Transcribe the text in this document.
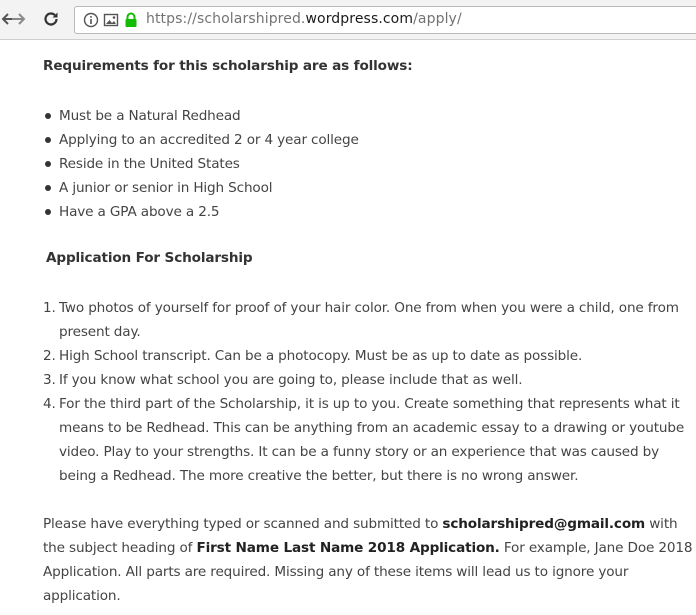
https://scholarshipred.wordpress.com/apply/

Requirements for this scholarship are as follows:

Must be a Natural Redhead
Applying to an accredited 2 or 4 year college
Reside in the United States
A junior or senior in High School
Have a GPA above a 2.5

Application For Scholarship

1. Two photos of yourself for proof of your hair color. One from when you were a child, one from present day.
2. High School transcript. Can be a photocopy. Must be as up to date as possible.
3. If you know what school you are going to, please include that as well.
4. For the third part of the Scholarship, it is up to you. Create something that represents what it means to be Redhead. This can be anything from an academic essay to a drawing or youtube video. Play to your strengths. It can be a funny story or an experience that was caused by being a Redhead. The more creative the better, but there is no wrong answer.

Please have everything typed or scanned and submitted to scholarshipred@gmail.com with the subject heading of First Name Last Name 2018 Application. For example, Jane Doe 2018 Application. All parts are required. Missing any of these items will lead us to ignore your application.
